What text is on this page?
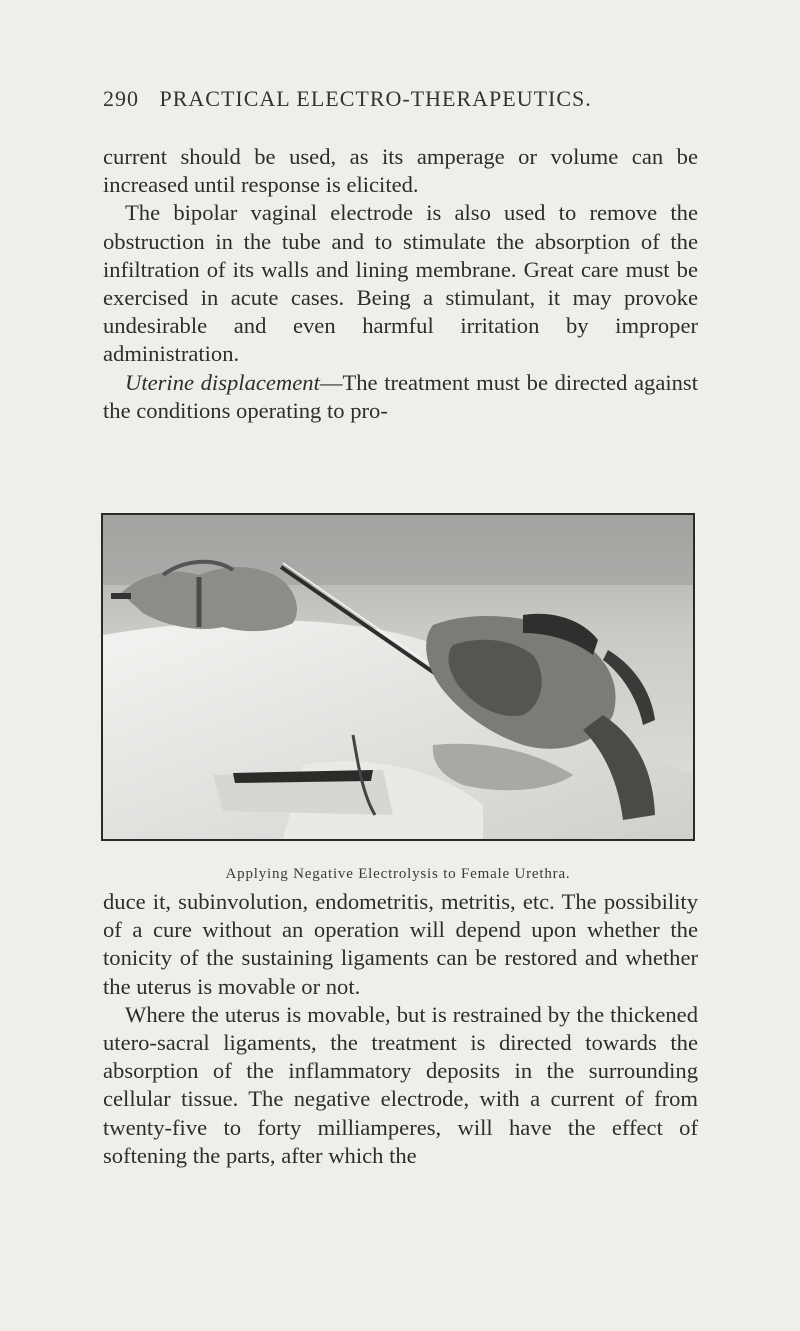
290 PRACTICAL ELECTRO-THERAPEUTICS.

current should be used, as its amperage or volume can be increased until response is elicited.

The bipolar vaginal electrode is also used to remove the obstruction in the tube and to stimulate the absorption of the infiltration of its walls and lining membrane. Great care must be exercised in acute cases. Being a stimulant, it may provoke undesirable and even harmful irritation by improper administration.

Uterine displacement—The treatment must be directed against the conditions operating to pro-

Applying Negative Electrolysis to Female Urethra.

duce it, subinvolution, endometritis, metritis, etc. The possibility of a cure without an operation will depend upon whether the tonicity of the sustaining ligaments can be restored and whether the uterus is movable or not.

Where the uterus is movable, but is restrained by the thickened utero-sacral ligaments, the treatment is directed towards the absorption of the inflammatory deposits in the surrounding cellular tissue. The negative electrode, with a current of from twenty-five to forty milliamperes, will have the effect of softening the parts, after which the
